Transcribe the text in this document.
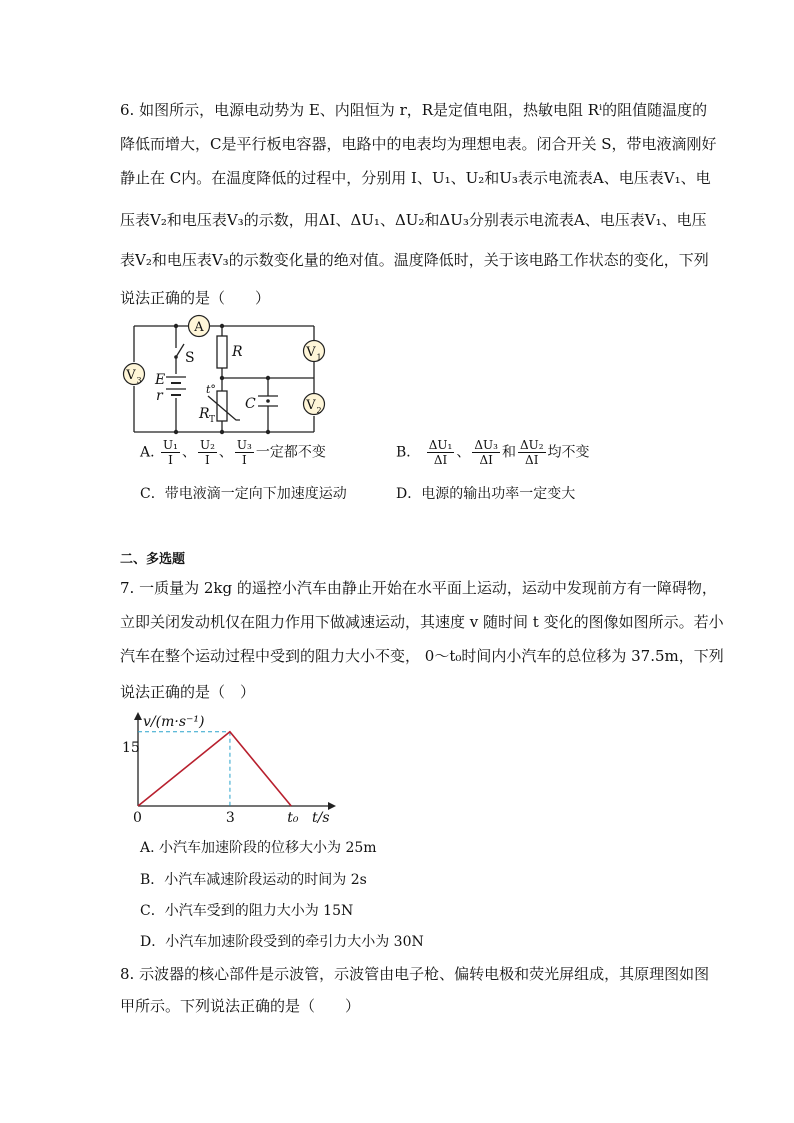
6. 如图所示，电源电动势为 E、内阻恒为 r，R是定值电阻，热敏电阻 Rⁱ的阻值随温度的
降低而增大，C是平行板电容器，电路中的电表均为理想电表。闭合开关 S，带电液滴刚好
静止在 C内。在温度降低的过程中，分别用 I、U₁、U₂和U₃表示电流表A、电压表V₁、电
压表V₂和电压表V₃的示数，用ΔI、ΔU₁、ΔU₂和ΔU₃分别表示电流表A、电压表V₁、电压
表V₂和电压表V₃的示数变化量的绝对值。温度降低时，关于该电路工作状态的变化，下列
说法正确的是（　　）
A
V 1
V 2
V 3
S	R
E
r
R T
t°
C
A. $\frac{\text{U₁}}{I}$ 、 $\frac{\text{U₂}}{I}$ 、 $\frac{\text{U₃}}{I}$ 一定都不变	B． $\frac{\text{ΔU₁}}{\Delta I}$ 、 $\frac{\text{ΔU₃}}{\Delta I}$ 和 $\frac{\text{ΔU₂}}{\Delta I}$ 均不变
C．带电液滴一定向下加速度运动	D．电源的输出功率一定变大
二、多选题
7. 一质量为 2kg 的遥控小汽车由静止开始在水平面上运动，运动中发现前方有一障碍物，
立即关闭发动机仅在阻力作用下做减速运动，其速度 v 随时间 t 变化的图像如图所示。若小
汽车在整个运动过程中受到的阻力大小不变， 0～t₀时间内小汽车的总位移为 37.5m，下列
说法正确的是（　）
v/(m·s⁻¹)
15
0	3	t₀ t/s
A. 小汽车加速阶段的位移大小为 25m
B．小汽车减速阶段运动的时间为 2s
C．小汽车受到的阻力大小为 15N
D．小汽车加速阶段受到的牵引力大小为 30N
8. 示波器的核心部件是示波管，示波管由电子枪、偏转电极和荧光屏组成，其原理图如图
甲所示。下列说法正确的是（　　）
